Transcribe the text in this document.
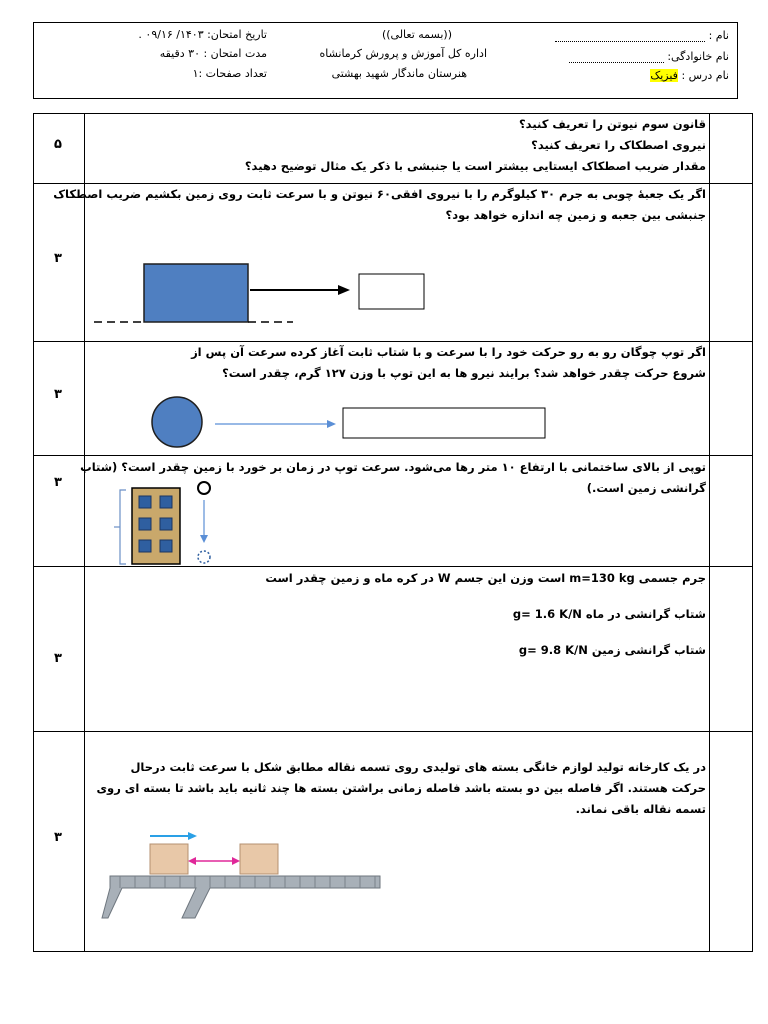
نام :
نام خانوادگی:
نام درس : فیزیک
((بسمه تعالی))
اداره کل آموزش و پرورش کرمانشاه
هنرستان ماندگار شهید بهشتی
تاریخ امتحان: ۱۴۰۳/ ۰۹/۱۶ .
مدت امتحان : ۳۰ دقیقه
تعداد صفحات :۱
۵
قانون سوم نیوتن را تعریف کنید؟
نیروی اصطکاک را تعریف کنید؟
مقدار ضریب اصطکاک ایستایی بیشتر است یا جنبشی با ذکر یک مثال توضیح دهید؟
۳
اگر یک جعبهٔ چوبی به جرم ۳۰ کیلوگرم را با نیروی افقی۶۰ نیوتن و با سرعت ثابت روی زمین بکشیم ضریب اصطکاک
جنبشی بین جعبه و زمین چه اندازه خواهد بود؟
۳
اگر توپ چوگان رو به رو حرکت خود را با سرعت و با شتاب ثابت آغاز کرده سرعت آن پس از
شروع حرکت چقدر خواهد شد؟ برایند نیرو ها به این توپ با وزن ۱۲۷ گرم، چقدر است؟
۳
توپی از بالای ساختمانی با ارتفاع ۱۰ متر رها می‌شود. سرعت توپ در زمان بر خورد با زمین چقدر است؟ (شتاب
گرانشی زمین است.)
۳
جرم جسمی m=130 kg است وزن این جسم W در کره ماه و زمین چقدر است
شتاب گرانشی در ماه g= 1.6 K/N
شتاب گرانشی زمین g= 9.8 K/N
۳
در یک کارخانه تولید لوازم خانگی بسته های تولیدی روی تسمه نقاله مطابق شکل با سرعت ثابت درحال
حرکت هستند. اگر فاصله بین دو بسته باشد فاصله زمانی براشتن بسته ها چند ثانیه باید باشد تا بسته ای روی
تسمه نقاله باقی نماند.
